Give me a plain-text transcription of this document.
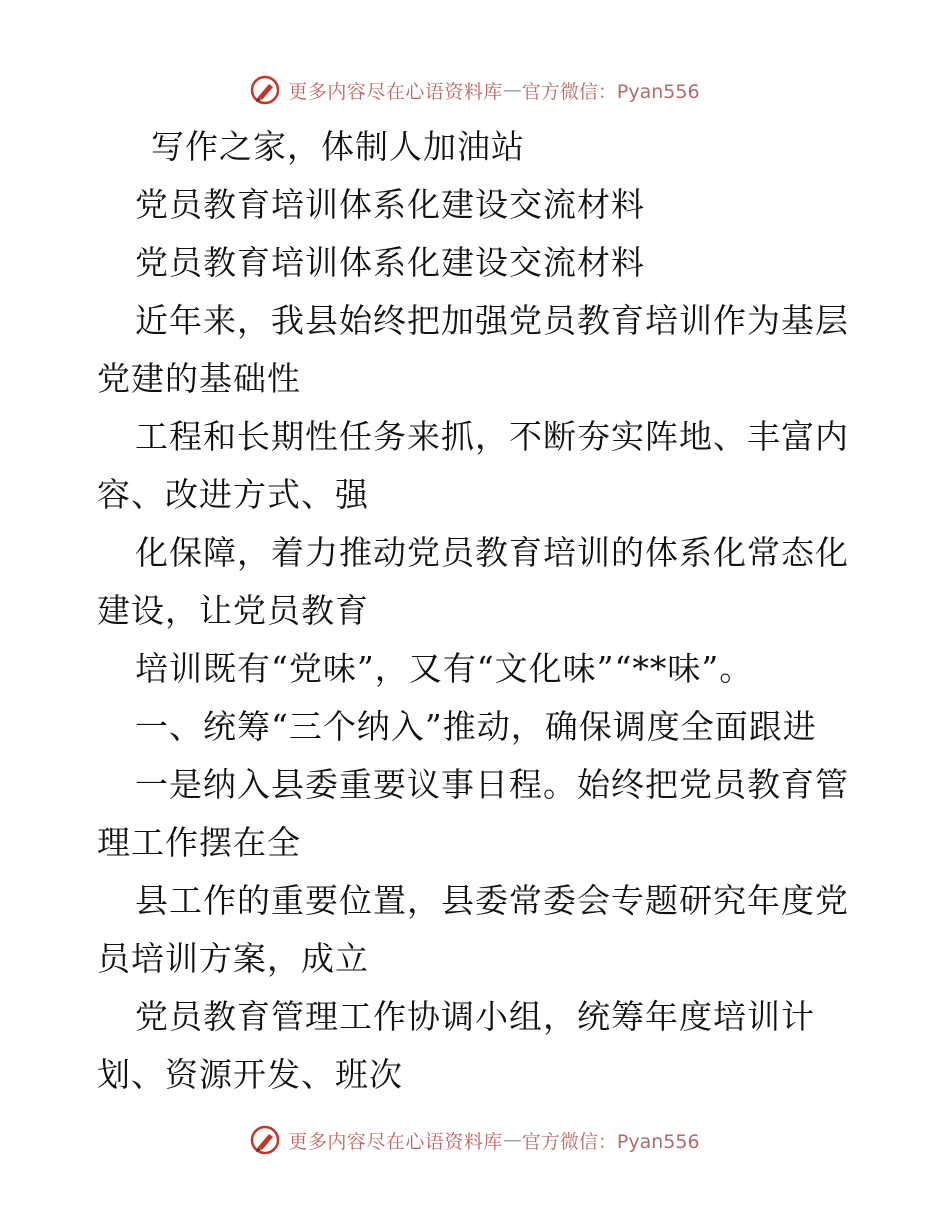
更多内容尽在心语资料库 — 官方微信：Pyan556
写作之家，体制人加油站
党员教育培训体系化建设交流材料
党员教育培训体系化建设交流材料
近年来，我县始终把加强党员教育培训作为基层
党建的基础性
工程和长期性任务来抓，不断夯实阵地、丰富内
容、改进方式、强
化保障，着力推动党员教育培训的体系化常态化
建设，让党员教育
培训既有“党味”，又有“文化味”“**味”。
一、统筹“三个纳入”推动，确保调度全面跟进
一是纳入县委重要议事日程。始终把党员教育管
理工作摆在全
县工作的重要位置，县委常委会专题研究年度党
员培训方案，成立
党员教育管理工作协调小组，统筹年度培训计
划、资源开发、班次
更多内容尽在心语资料库 — 官方微信：Pyan556
